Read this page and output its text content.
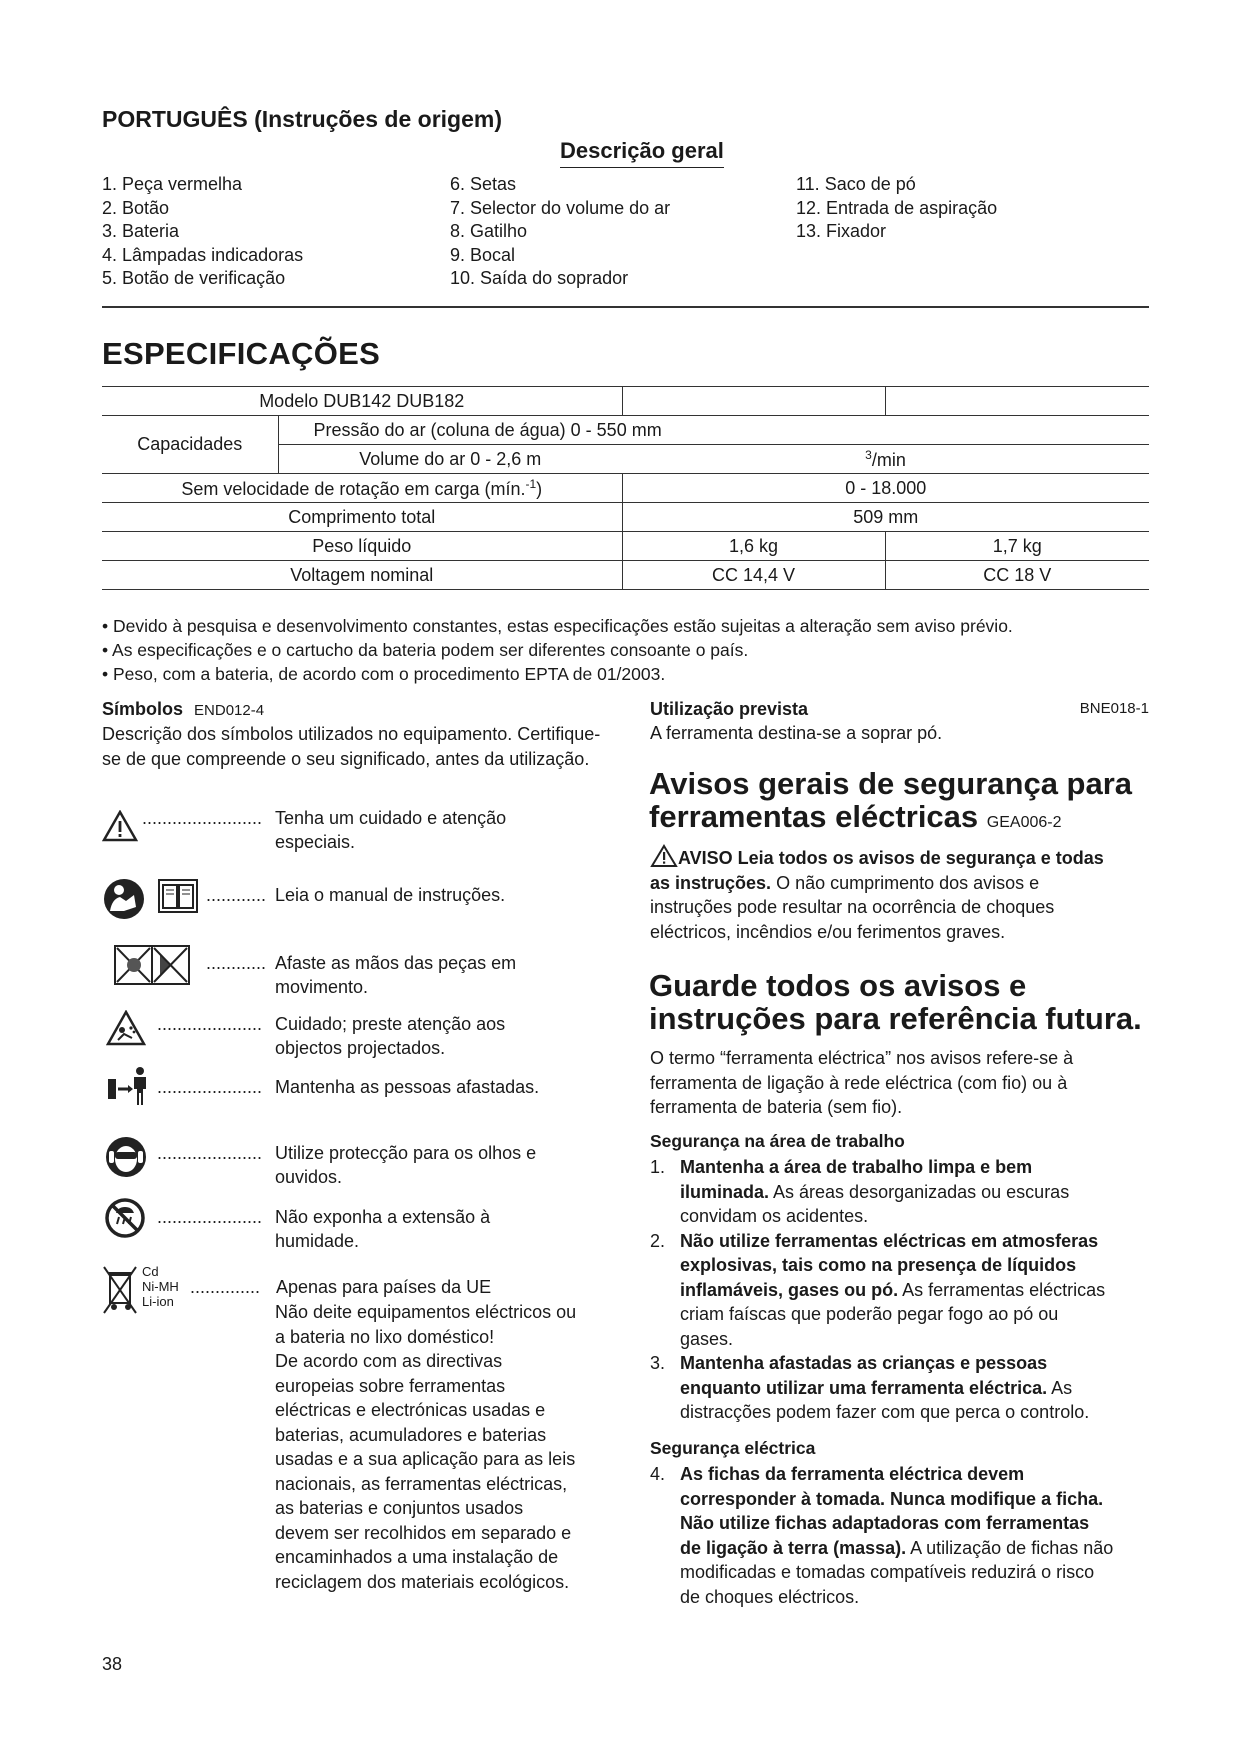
PORTUGUÊS (Instruções de origem)
Descrição geral
1. Peça vermelha
2. Botão
3. Bateria
4. Lâmpadas indicadoras
5. Botão de verificação
6. Setas
7. Selector do volume do ar
8. Gatilho
9. Bocal
10. Saída do soprador
11. Saco de pó
12. Entrada de aspiração
13. Fixador
ESPECIFICAÇÕES
Modelo DUB142 DUB182			
Capacidades	Pressão do ar (coluna de água) 0 - 550 mm		
	Volume do ar 0 - 2,6 m	$^3$/min	
Sem velocidade de rotação em carga (mín.$^{-1}$)		0 - 18.000	
Comprimento total		509 mm	
Peso líquido		1,6 kg	1,7 kg
Voltagem nominal		CC 14,4 V	CC 18 V
• Devido à pesquisa e desenvolvimento constantes, estas especificações estão sujeitas a alteração sem aviso prévio.
• As especificações e o cartucho da bateria podem ser diferentes consoante o país.
• Peso, com a bateria, de acordo com o procedimento EPTA de 01/2003.
Símbolos END012-4
Descrição dos símbolos utilizados no equipamento. Certifique-se de que compreende o seu significado, antes da utilização.
........................ Tenha um cuidado e atenção
especiais.
............ Leia o manual de instruções.
............ Afaste as mãos das peças em
movimento.
..................... Cuidado; preste atenção aos
objectos projectados.
..................... Mantenha as pessoas afastadas.
..................... Utilize protecção para os olhos e
ouvidos.
..................... Não exponha a extensão à
humidade.
Cd
Ni-MH
Li-ion
.............. Apenas para países da UE
Não deite equipamentos eléctricos ou
a bateria no lixo doméstico!
De acordo com as directivas
europeias sobre ferramentas
eléctricas e electrónicas usadas e
baterias, acumuladores e baterias
usadas e a sua aplicação para as leis
nacionais, as ferramentas eléctricas,
as baterias e conjuntos usados
devem ser recolhidos em separado e
encaminhados a uma instalação de
reciclagem dos materiais ecológicos.
Utilização prevista	BNE018-1
A ferramenta destina-se a soprar pó.
Avisos gerais de segurança para
ferramentas eléctricas GEA006-2
AVISO Leia todos os avisos de segurança e todas
as instruções. O não cumprimento dos avisos e
instruções pode resultar na ocorrência de choques
eléctricos, incêndios e/ou ferimentos graves.
Guarde todos os avisos e
instruções para referência futura.
O termo “ferramenta eléctrica” nos avisos refere-se à
ferramenta de ligação à rede eléctrica (com fio) ou à
ferramenta de bateria (sem fio).
Segurança na área de trabalho
1. Mantenha a área de trabalho limpa e bem
iluminada. As áreas desorganizadas ou escuras
convidam os acidentes.
2. Não utilize ferramentas eléctricas em atmosferas
explosivas, tais como na presença de líquidos
inflamáveis, gases ou pó. As ferramentas eléctricas
criam faíscas que poderão pegar fogo ao pó ou
gases.
3. Mantenha afastadas as crianças e pessoas
enquanto utilizar uma ferramenta eléctrica. As
distracções podem fazer com que perca o controlo.
Segurança eléctrica
4. As fichas da ferramenta eléctrica devem
corresponder à tomada. Nunca modifique a ficha.
Não utilize fichas adaptadoras com ferramentas
de ligação à terra (massa). A utilização de fichas não
modificadas e tomadas compatíveis reduzirá o risco
de choques eléctricos.
38
